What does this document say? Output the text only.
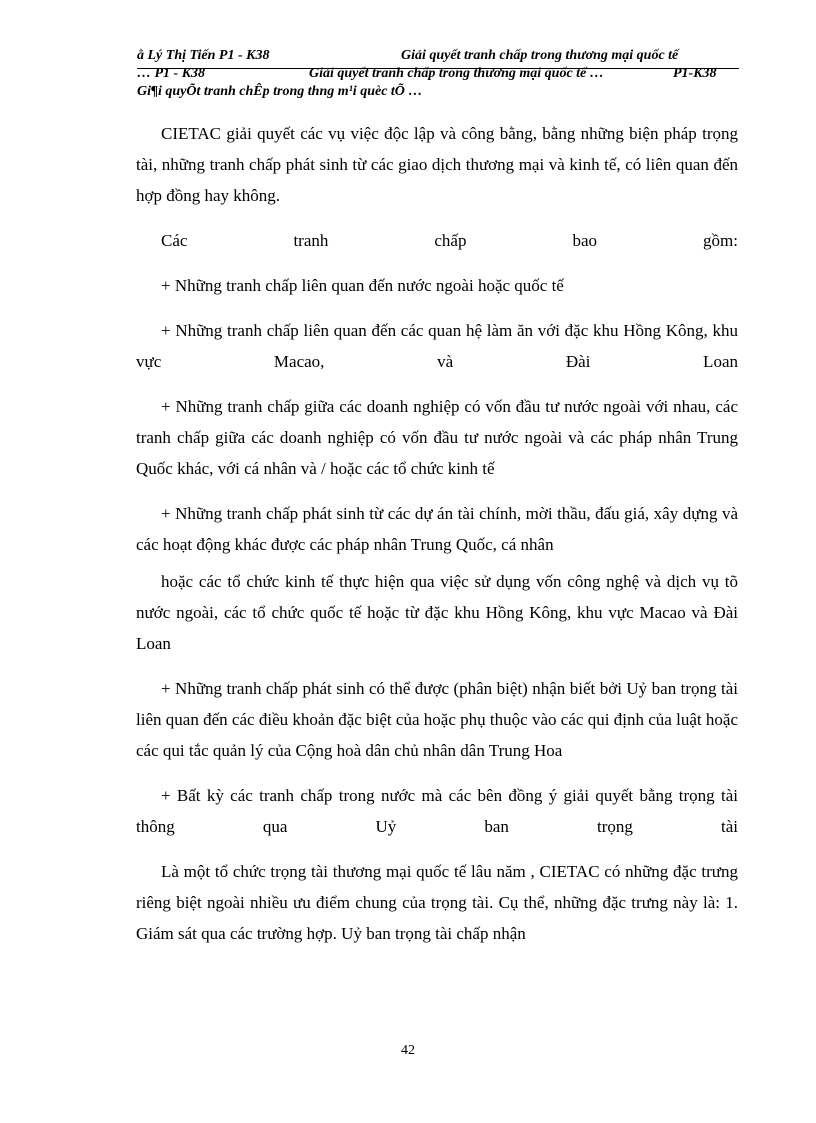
ằ Lý Thị Tiến P1 - K38	Giải quyết tranh chấp trong thương mại quốc tế
… P1 - K38	Giải quyết tranh chấp trong thương mại quốc tế …	P1-K38
Gi¶i quyÕt tranh chÊp trong thng m¹i quèc tÕ …

CIETAC giải quyết các vụ việc độc lập và công bằng, bằng những biện pháp trọng tài, những tranh chấp phát sinh từ các giao dịch thương mại và kinh tế, có liên quan đến hợp đồng hay không.

Các tranh chấp bao gồm:

+ Những tranh chấp liên quan đến nước ngoài hoặc quốc tế

+ Những tranh chấp liên quan đến các quan hệ làm ăn với đặc khu Hồng Kông, khu vực Macao, và Đài Loan

+ Những tranh chấp giữa các doanh nghiệp có vốn đầu tư nước ngoài với nhau, các tranh chấp giữa các doanh nghiệp có vốn đầu tư nước ngoài và các pháp nhân Trung Quốc khác, với cá nhân và / hoặc các tổ chức kinh tế

+ Những tranh chấp phát sinh từ các dự án tài chính, mời thầu, đấu giá, xây dựng và các hoạt động khác được các pháp nhân Trung Quốc, cá nhân

hoặc các tổ chức kinh tế thực hiện qua việc sử dụng vốn công nghệ và dịch vụ tõ nước ngoài, các tổ chức quốc tế hoặc từ đặc khu Hồng Kông, khu vực Macao và Đài Loan

+ Những tranh chấp phát sinh có thể được (phân biệt) nhận biết bởi Uỷ ban trọng tài liên quan đến các điều khoản đặc biệt của hoặc phụ thuộc vào các qui định của luật hoặc các qui tắc quản lý của Cộng hoà dân chủ nhân dân Trung Hoa

+ Bất kỳ các tranh chấp trong nước mà các bên đồng ý giải quyết bằng trọng tài thông qua Uỷ ban trọng tài

Là một tổ chức trọng tài thương mại quốc tế lâu năm , CIETAC có những đặc trưng riêng biệt ngoài nhiều ưu điểm chung của trọng tài. Cụ thể, những đặc trưng này là: 1. Giám sát qua các trường hợp. Uỷ ban trọng tài chấp nhận

42
